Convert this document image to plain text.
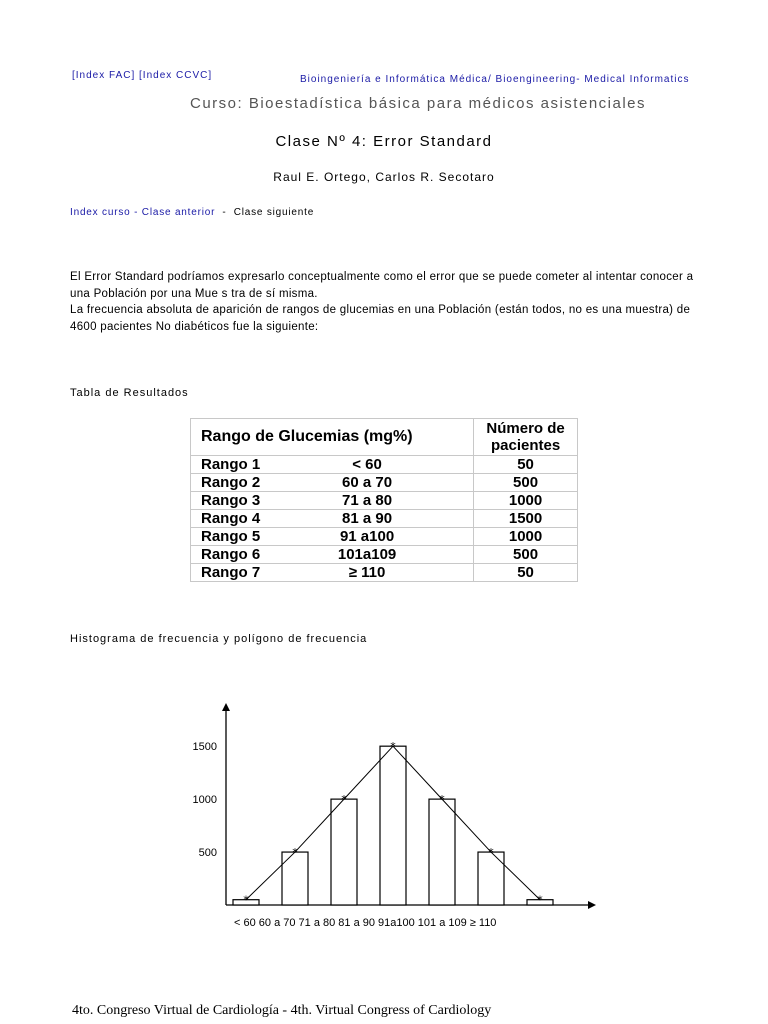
[Index FAC] [Index CCVC]	Bioingeniería e Informática Médica/ Bioengineering- Medical Informatics
Curso: Bioestadística básica para médicos asistenciales
Clase Nº 4: Error Standard
Raul E. Ortego, Carlos R. Secotaro
Index curso - Clase anterior  -  Clase siguiente

El Error Standard podríamos expresarlo conceptualmente como el error que se puede cometer al intentar conocer a una Población por una Mue s tra de sí misma.

La frecuencia absoluta de aparición de rangos de glucemias en una Población (están todos, no es una muestra) de 4600 pacientes No diabéticos fue la siguiente:

Tabla de Resultados
Rango de Glucemias (mg%)		Número de
pacientes
Rango 1	< 60	50
Rango 2	60 a 70	500
Rango 3	71 a 80	1000
Rango 4	81 a 90	1500
Rango 5	91 a100	1000
Rango 6	101a109	500
Rango 7	≥ 110	50
Histograma de frecuencia y polígono de frecuencia
500
1000
1500
*
*
*
*
*
*
*
< 60 60 a 70 71 a 80 81 a 90 91a100 101 a 109 ≥ 110
4to. Congreso Virtual de Cardiología - 4th. Virtual Congress of Cardiology
